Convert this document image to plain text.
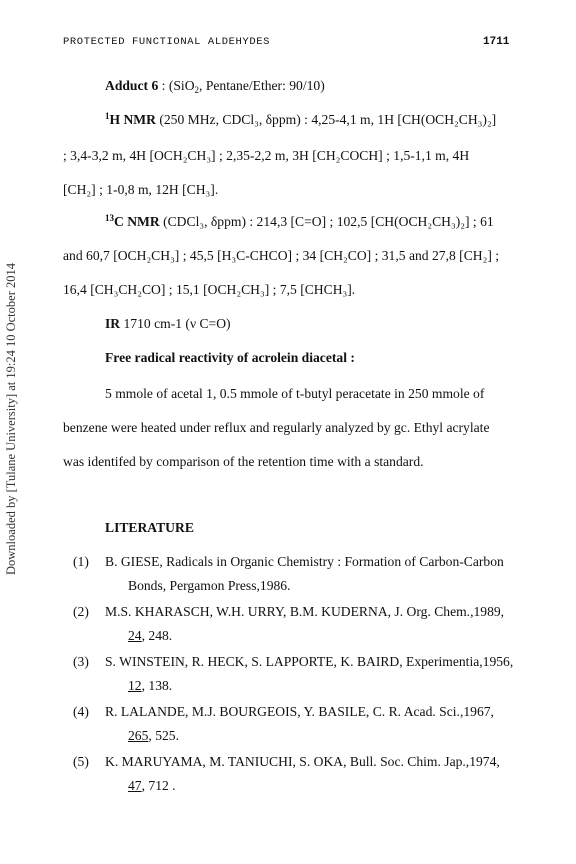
PROTECTED FUNCTIONAL ALDEHYDES	1711
Downloaded by [Tulane University] at 19:24 10 October 2014
Adduct 6 : (SiO$_2$, Pentane/Ether: 90/10)
$^1$H NMR (250 MHz, CDCl₃, δppm) : 4,25-4,1 m, 1H [CH(OCH₂CH₃)₂]
; 3,4-3,2 m, 4H [OCH₂CH₃] ; 2,35-2,2 m, 3H [CH₂COCH] ; 1,5-1,1 m, 4H
[CH₂] ; 1-0,8 m, 12H [CH₃].
$^{13}$C NMR (CDCl₃, δppm) : 214,3 [C=O] ; 102,5 [CH(OCH₂CH₃)₂] ; 61
and 60,7 [OCH₂CH₃] ; 45,5 [H₃C-CHCO] ; 34 [CH₂CO] ; 31,5 and 27,8 [CH₂] ;
16,4 [CH₃CH₂CO] ; 15,1 [OCH₂CH₃] ; 7,5 [CHCH₃].
IR 1710 cm-1 (ν C=O)
Free radical reactivity of acrolein diacetal :
5 mmole of acetal 1, 0.5 mmole of t-butyl peracetate in 250 mmole of
benzene were heated under reflux and regularly analyzed by gc. Ethyl acrylate
was identifed by comparison of the retention time with a standard.
LITERATURE
(1) B. GIESE, Radicals in Organic Chemistry : Formation of Carbon-Carbon
Bonds, Pergamon Press,1986.
(2) M.S. KHARASCH, W.H. URRY, B.M. KUDERNA, J. Org. Chem.,1989,
24, 248.
(3) S. WINSTEIN, R. HECK, S. LAPPORTE, K. BAIRD, Experimentia,1956,
12, 138.
(4) R. LALANDE, M.J. BOURGEOIS, Y. BASILE, C. R. Acad. Sci.,1967,
265, 525.
(5) K. MARUYAMA, M. TANIUCHI, S. OKA, Bull. Soc. Chim. Jap.,1974,
47, 712 .
